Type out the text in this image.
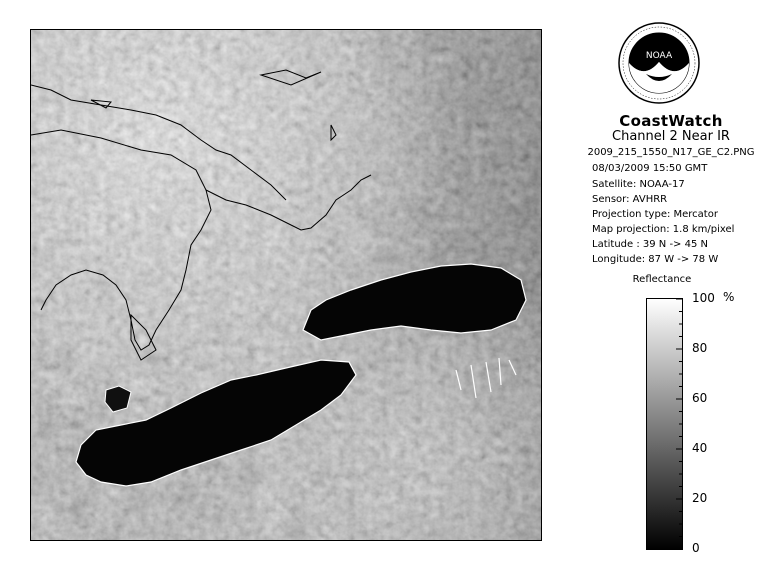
NOAA
CoastWatch
Channel 2 Near IR
2009_215_1550_N17_GE_C2.PNG
08/03/2009 15:50 GMT
Satellite: NOAA-17
Sensor: AVHRR
Projection type: Mercator
Map projection: 1.8 km/pixel
Latitude : 39 N -> 45 N
Longitude: 87 W -> 78 W
Reflectance
100
80
60
40
20
0
%
